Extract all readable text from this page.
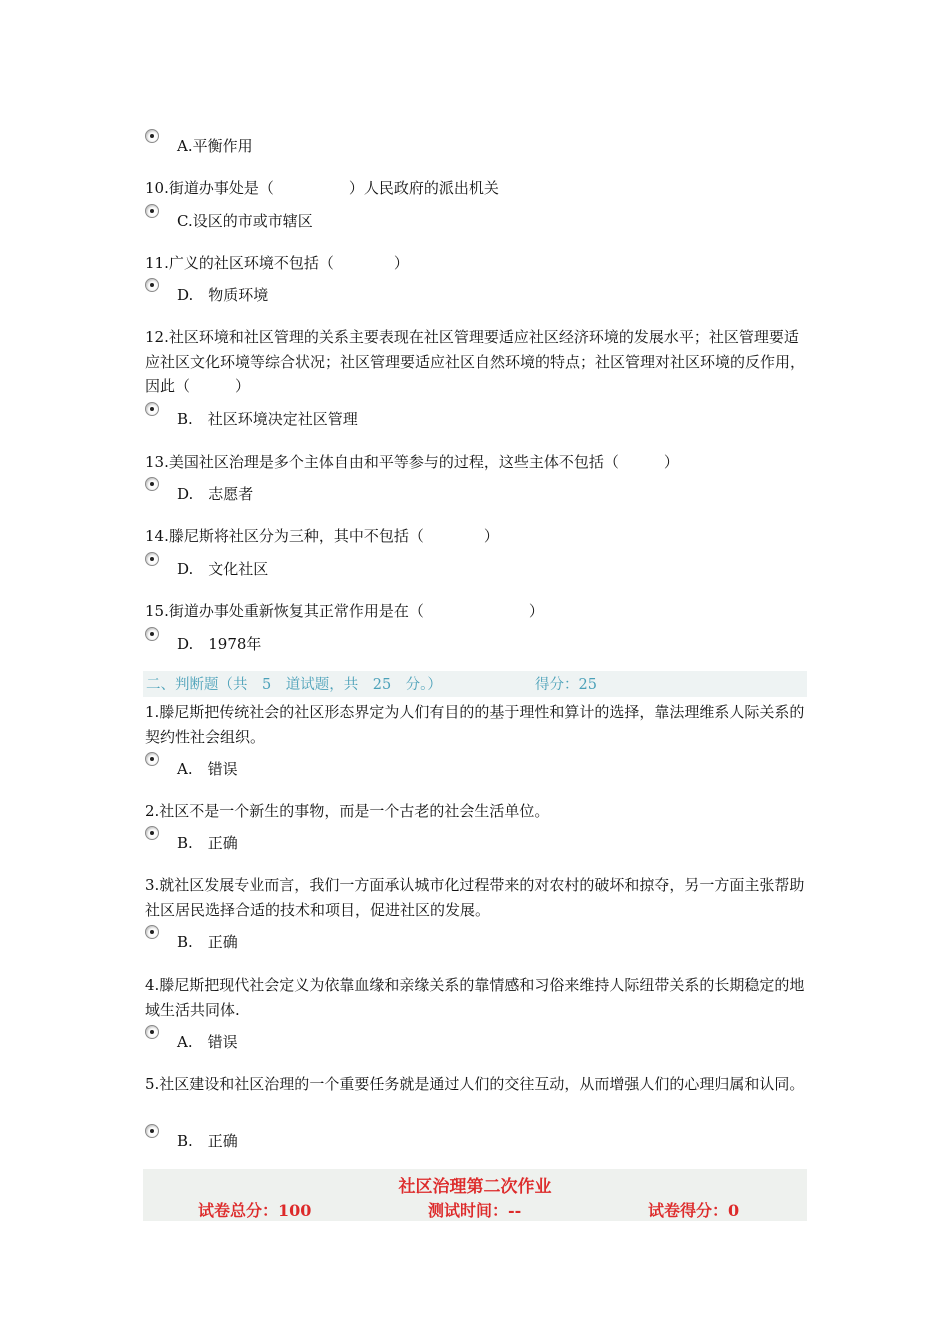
A.平衡作用
10.街道办事处是（　　　　　）人民政府的派出机关
C.设区的市或市辖区
11.广义的社区环境不包括（　　　　）
D.　物质环境
12.社区环境和社区管理的关系主要表现在社区管理要适应社区经济环境的发展水平；社区管理要适应社区文化环境等综合状况；社区管理要适应社区自然环境的特点；社区管理对社区环境的反作用，因此（　　　）
B.　社区环境决定社区管理
13.美国社区治理是多个主体自由和平等参与的过程，这些主体不包括（　　　）
D.　志愿者
14.滕尼斯将社区分为三种，其中不包括（　　　　）
D.　文化社区
15.街道办事处重新恢复其正常作用是在（　　　　　　　）
D.　1978年
二、判断题（共　5　道试题，共　25　分。）	得分：25
1.滕尼斯把传统社会的社区形态界定为人们有目的的基于理性和算计的选择，靠法理维系人际关系的契约性社会组织。
A.　错误
2.社区不是一个新生的事物，而是一个古老的社会生活单位。
B.　正确
3.就社区发展专业而言，我们一方面承认城市化过程带来的对农村的破坏和掠夺，另一方面主张帮助社区居民选择合适的技术和项目，促进社区的发展。
B.　正确
4.滕尼斯把现代社会定义为依靠血缘和亲缘关系的靠情感和习俗来维持人际纽带关系的长期稳定的地域生活共同体.
A.　错误
5.社区建设和社区治理的一个重要任务就是通过人们的交往互动，从而增强人们的心理归属和认同。
B.　正确
社区治理第二次作业
试卷总分：100	测试时间：--	试卷得分：0
